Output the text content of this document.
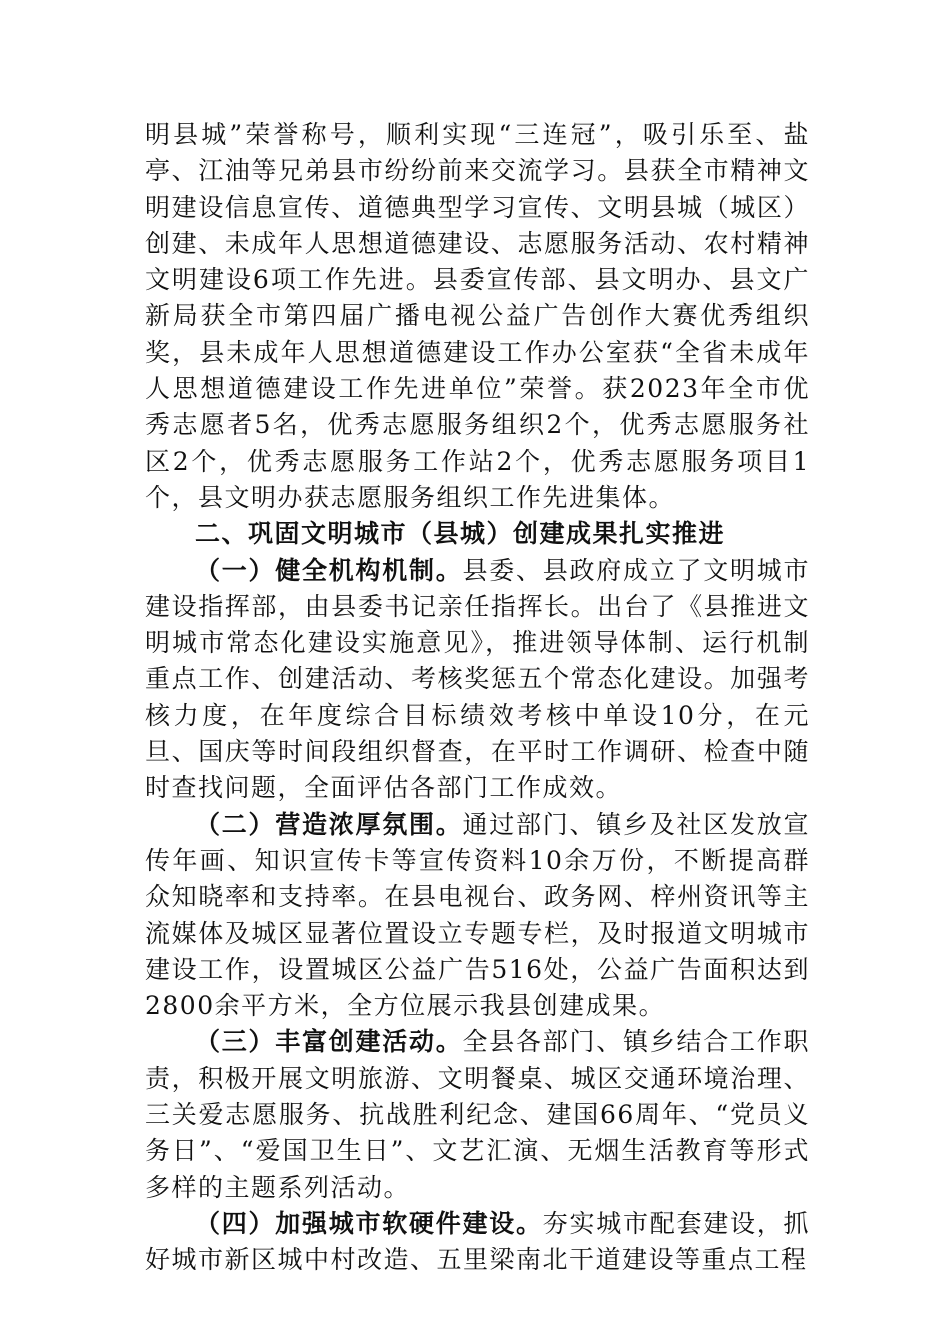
明县城”荣誉称号，顺利实现“三连冠”，吸引乐至、盐亭、江油等兄弟县市纷纷前来交流学习。县获全市精神文明建设信息宣传、道德典型学习宣传、文明县城（城区）创建、未成年人思想道德建设、志愿服务活动、农村精神文明建设6项工作先进。县委宣传部、县文明办、县文广新局获全市第四届广播电视公益广告创作大赛优秀组织奖，县未成年人思想道德建设工作办公室获“全省未成年人思想道德建设工作先进单位”荣誉。获2023年全市优秀志愿者5名，优秀志愿服务组织2个，优秀志愿服务社区2个，优秀志愿服务工作站2个，优秀志愿服务项目1个，县文明办获志愿服务组织工作先进集体。

二、巩固文明城市（县城）创建成果扎实推进

（一）健全机构机制。县委、县政府成立了文明城市建设指挥部，由县委书记亲任指挥长。出台了《县推进文明城市常态化建设实施意见》，推进领导体制、运行机制重点工作、创建活动、考核奖惩五个常态化建设。加强考核力度，在年度综合目标绩效考核中单设10分，在元旦、国庆等时间段组织督查，在平时工作调研、检查中随时查找问题，全面评估各部门工作成效。

（二）营造浓厚氛围。通过部门、镇乡及社区发放宣传年画、知识宣传卡等宣传资料10余万份，不断提高群众知晓率和支持率。在县电视台、政务网、梓州资讯等主流媒体及城区显著位置设立专题专栏，及时报道文明城市建设工作，设置城区公益广告516处，公益广告面积达到2800余平方米，全方位展示我县创建成果。

（三）丰富创建活动。全县各部门、镇乡结合工作职责，积极开展文明旅游、文明餐桌、城区交通环境治理、三关爱志愿服务、抗战胜利纪念、建国66周年、“党员义务日”、“爱国卫生日”、文艺汇演、无烟生活教育等形式多样的主题系列活动。

（四）加强城市软硬件建设。夯实城市配套建设，抓好城市新区城中村改造、五里梁南北干道建设等重点工程
